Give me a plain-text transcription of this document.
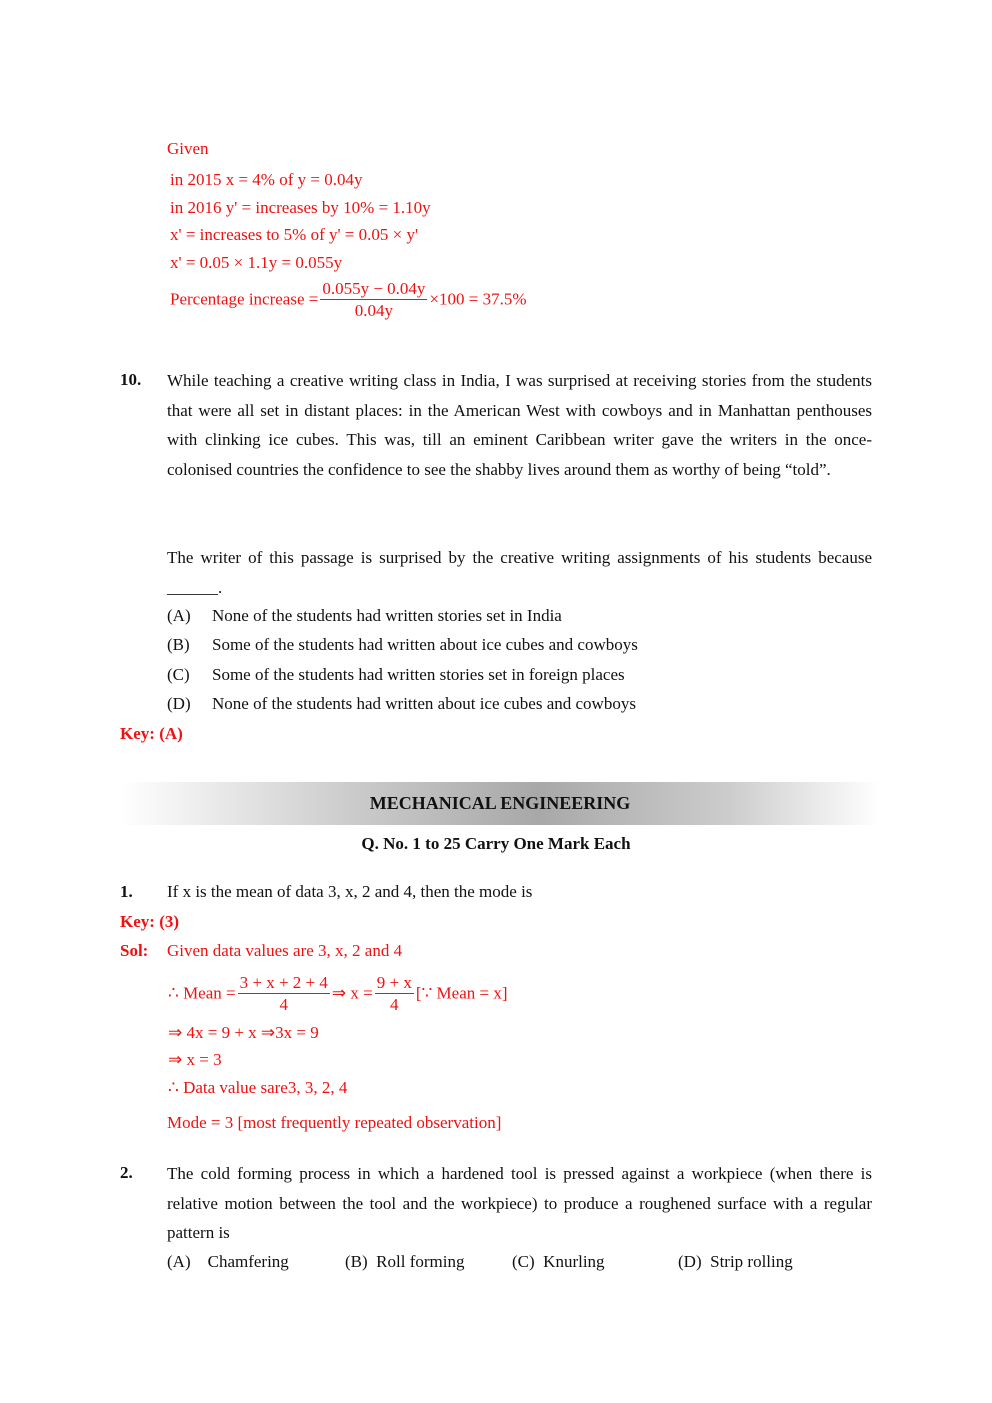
Given
in 2015 x = 4% of y = 0.04y
in 2016 y' = increases by 10% = 1.10y
x' = increases to 5% of y' = 0.05 × y'
x' = 0.05 × 1.1y = 0.055y
Percentage increase = $\frac{0.055y - 0.04y}{0.04y} \times 100 = 37.5\%$
10. While teaching a creative writing class in India, I was surprised at receiving stories from the students that were all set in distant places: in the American West with cowboys and in Manhattan penthouses with clinking ice cubes. This was, till an eminent Caribbean writer gave the writers in the once-colonised countries the confidence to see the shabby lives around them as worthy of being “told”.
The writer of this passage is surprised by the creative writing assignments of his students because ______.
(A) None of the students had written stories set in India
(B) Some of the students had written about ice cubes and cowboys
(C) Some of the students had written stories set in foreign places
(D) None of the students had written about ice cubes and cowboys
Key: (A)
MECHANICAL ENGINEERING
Q. No. 1 to 25 Carry One Mark Each
1. If x is the mean of data 3, x, 2 and 4, then the mode is
Key: (3)
Sol: Given data values are 3, x, 2 and 4
∴ Mean = $\frac{3 + x + 2 + 4}{4}$ ⇒ $x = \frac{9 + x}{4}$ [∵ Mean = x]
⇒ 4x = 9 + x ⇒3x = 9
⇒ x = 3
∴ Data value sare3, 3, 2, 4
Mode = 3 [most frequently repeated observation]
2. The cold forming process in which a hardened tool is pressed against a workpiece (when there is relative motion between the tool and the workpiece) to produce a roughened surface with a regular pattern is
(A) Chamfering	(B) Roll forming	(C) Knurling	(D) Strip rolling
